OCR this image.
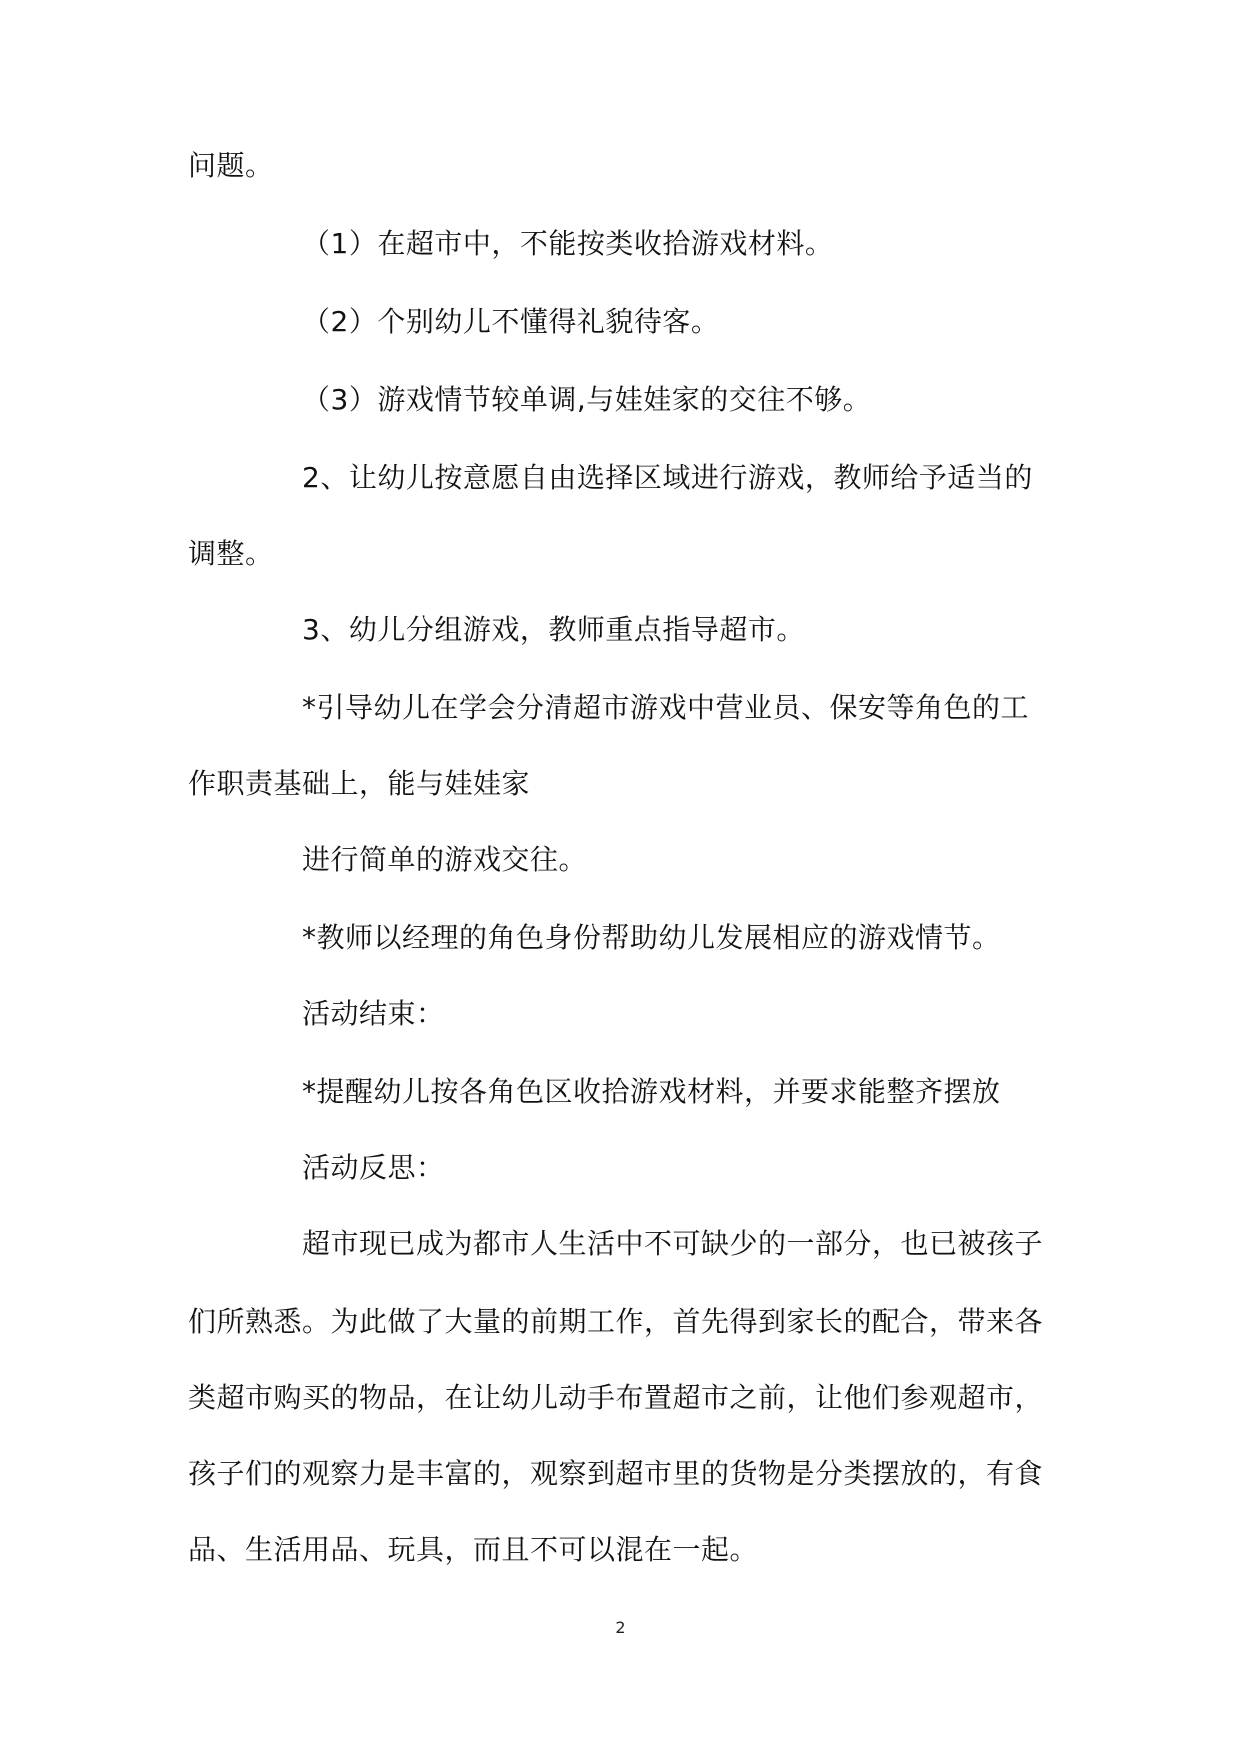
问题。
（1）在超市中，不能按类收拾游戏材料。
（2）个别幼儿不懂得礼貌待客。
（3）游戏情节较单调,与娃娃家的交往不够。
2、让幼儿按意愿自由选择区域进行游戏，教师给予适当的
调整。
3、幼儿分组游戏，教师重点指导超市。
*引导幼儿在学会分清超市游戏中营业员、保安等角色的工
作职责基础上，能与娃娃家
进行简单的游戏交往。
*教师以经理的角色身份帮助幼儿发展相应的游戏情节。
活动结束：
*提醒幼儿按各角色区收拾游戏材料，并要求能整齐摆放
活动反思：
超市现已成为都市人生活中不可缺少的一部分，也已被孩子
们所熟悉。为此做了大量的前期工作，首先得到家长的配合，带来各
类超市购买的物品，在让幼儿动手布置超市之前，让他们参观超市，
孩子们的观察力是丰富的，观察到超市里的货物是分类摆放的，有食
品、生活用品、玩具，而且不可以混在一起。
2
